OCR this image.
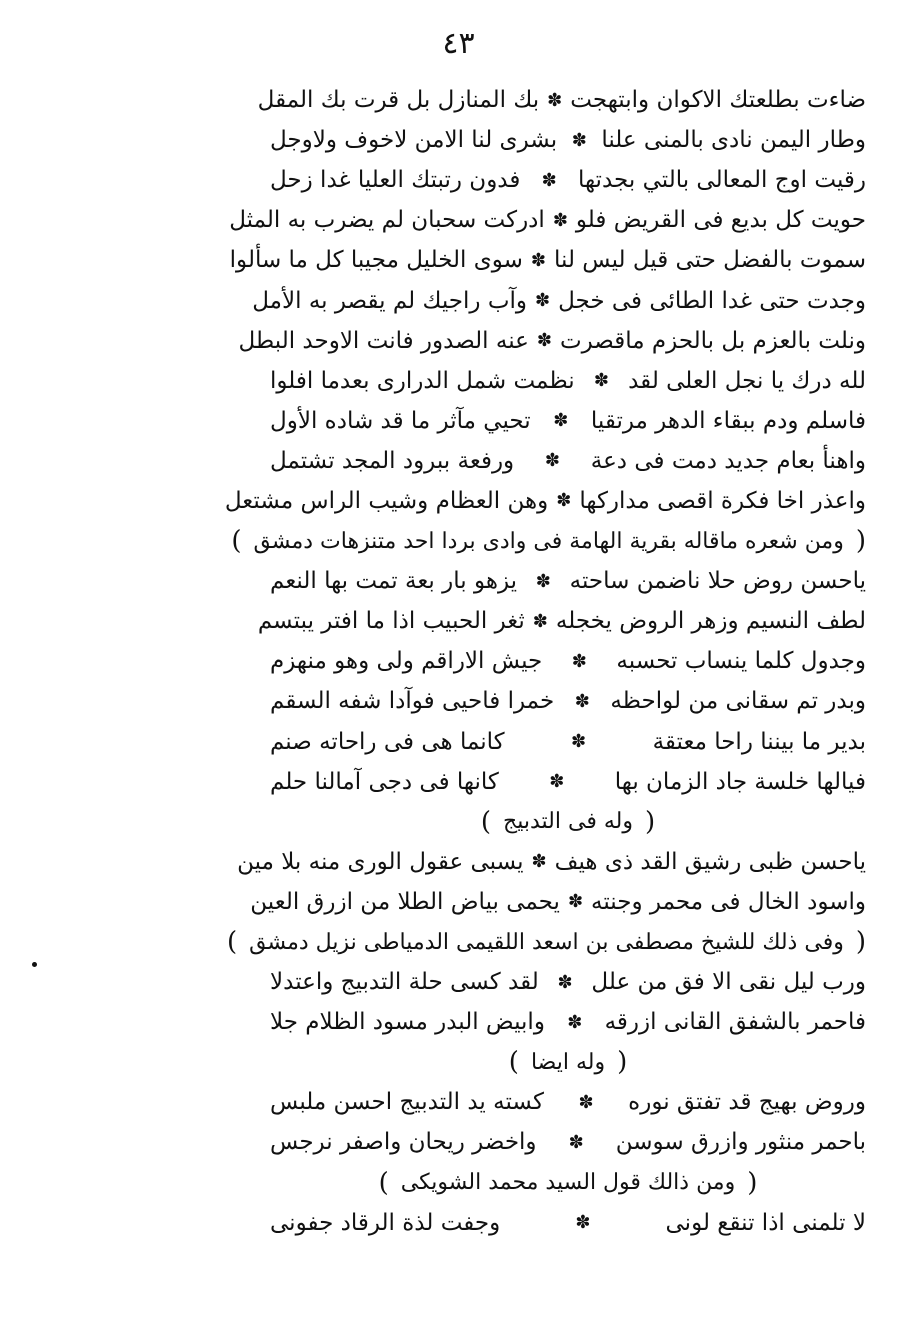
٤٣
ضاءت بطلعتك الاكوان وابتهجت
✽
بك المنازل بل قرت بك المقل
وطار اليمن نادى بالمنى علنا
✽
بشرى لنا الامن لاخوف ولاوجل
رقيت اوج المعالى بالتي بجدتها
✽
فدون رتبتك العليا غدا زحل
حويت كل بديع فى القريض فلو
✽
ادركت سحبان لم يضرب به المثل
سموت بالفضل حتى قيل ليس لنا
✽
سوى الخليل مجيبا كل ما سألوا
وجدت حتى غدا الطائى فى خجل
✽
وآب راجيك لم يقصر به الأمل
ونلت بالعزم بل بالحزم ماقصرت
✽
عنه الصدور فانت الاوحد البطل
لله درك يا نجل العلى لقد
✽
نظمت شمل الدرارى بعدما افلوا
فاسلم ودم ببقاء الدهر مرتقيا
✽
تحيي مآثر ما قد شاده الأول
واهنأ بعام جديد دمت فى دعة
✽
ورفعة ببرود المجد تشتمل
واعذر اخا فكرة اقصى مداركها
✽
وهن العظام وشيب الراس مشتعل
(
ومن شعره ماقاله بقرية الهامة فى وادى بردا احد متنزهات دمشق
)
ياحسن روض حلا ناضمن ساحته
✽
يزهو بار بعة تمت بها النعم
لطف النسيم وزهر الروض يخجله
✽
ثغر الحبيب اذا ما افتر يبتسم
وجدول كلما ينساب تحسبه
✽
جيش الاراقم ولى وهو منهزم
وبدر تم سقانى من لواحظه
✽
خمرا فاحيى فوآدا شفه السقم
بدير ما بيننا راحا معتقة
✽
كانما هى فى راحاته صنم
فيالها خلسة جاد الزمان بها
✽
كانها فى دجى آمالنا حلم
(
وله فى التدبيج
)
ياحسن ظبى رشيق القد ذى هيف
✽
يسبى عقول الورى منه بلا مين
واسود الخال فى محمر وجنته
✽
يحمى بياض الطلا من ازرق العين
(
وفى ذلك للشيخ مصطفى بن اسعد اللقيمى الدمياطى نزيل دمشق
)
ورب ليل نقى الا فق من علل
✽
لقد كسى حلة التدبيج واعتدلا
فاحمر بالشفق القانى ازرقه
✽
وابيض البدر مسود الظلام جلا
(
وله ايضا
)
وروض بهيج قد تفتق نوره
✽
كسته يد التدبيج احسن ملبس
باحمر منثور وازرق سوسن
✽
واخضر ريحان واصفر نرجس
(
ومن ذالك قول السيد محمد الشويكى
)
لا تلمنى اذا تنقع لونى
✽
وجفت لذة الرقاد جفونى
